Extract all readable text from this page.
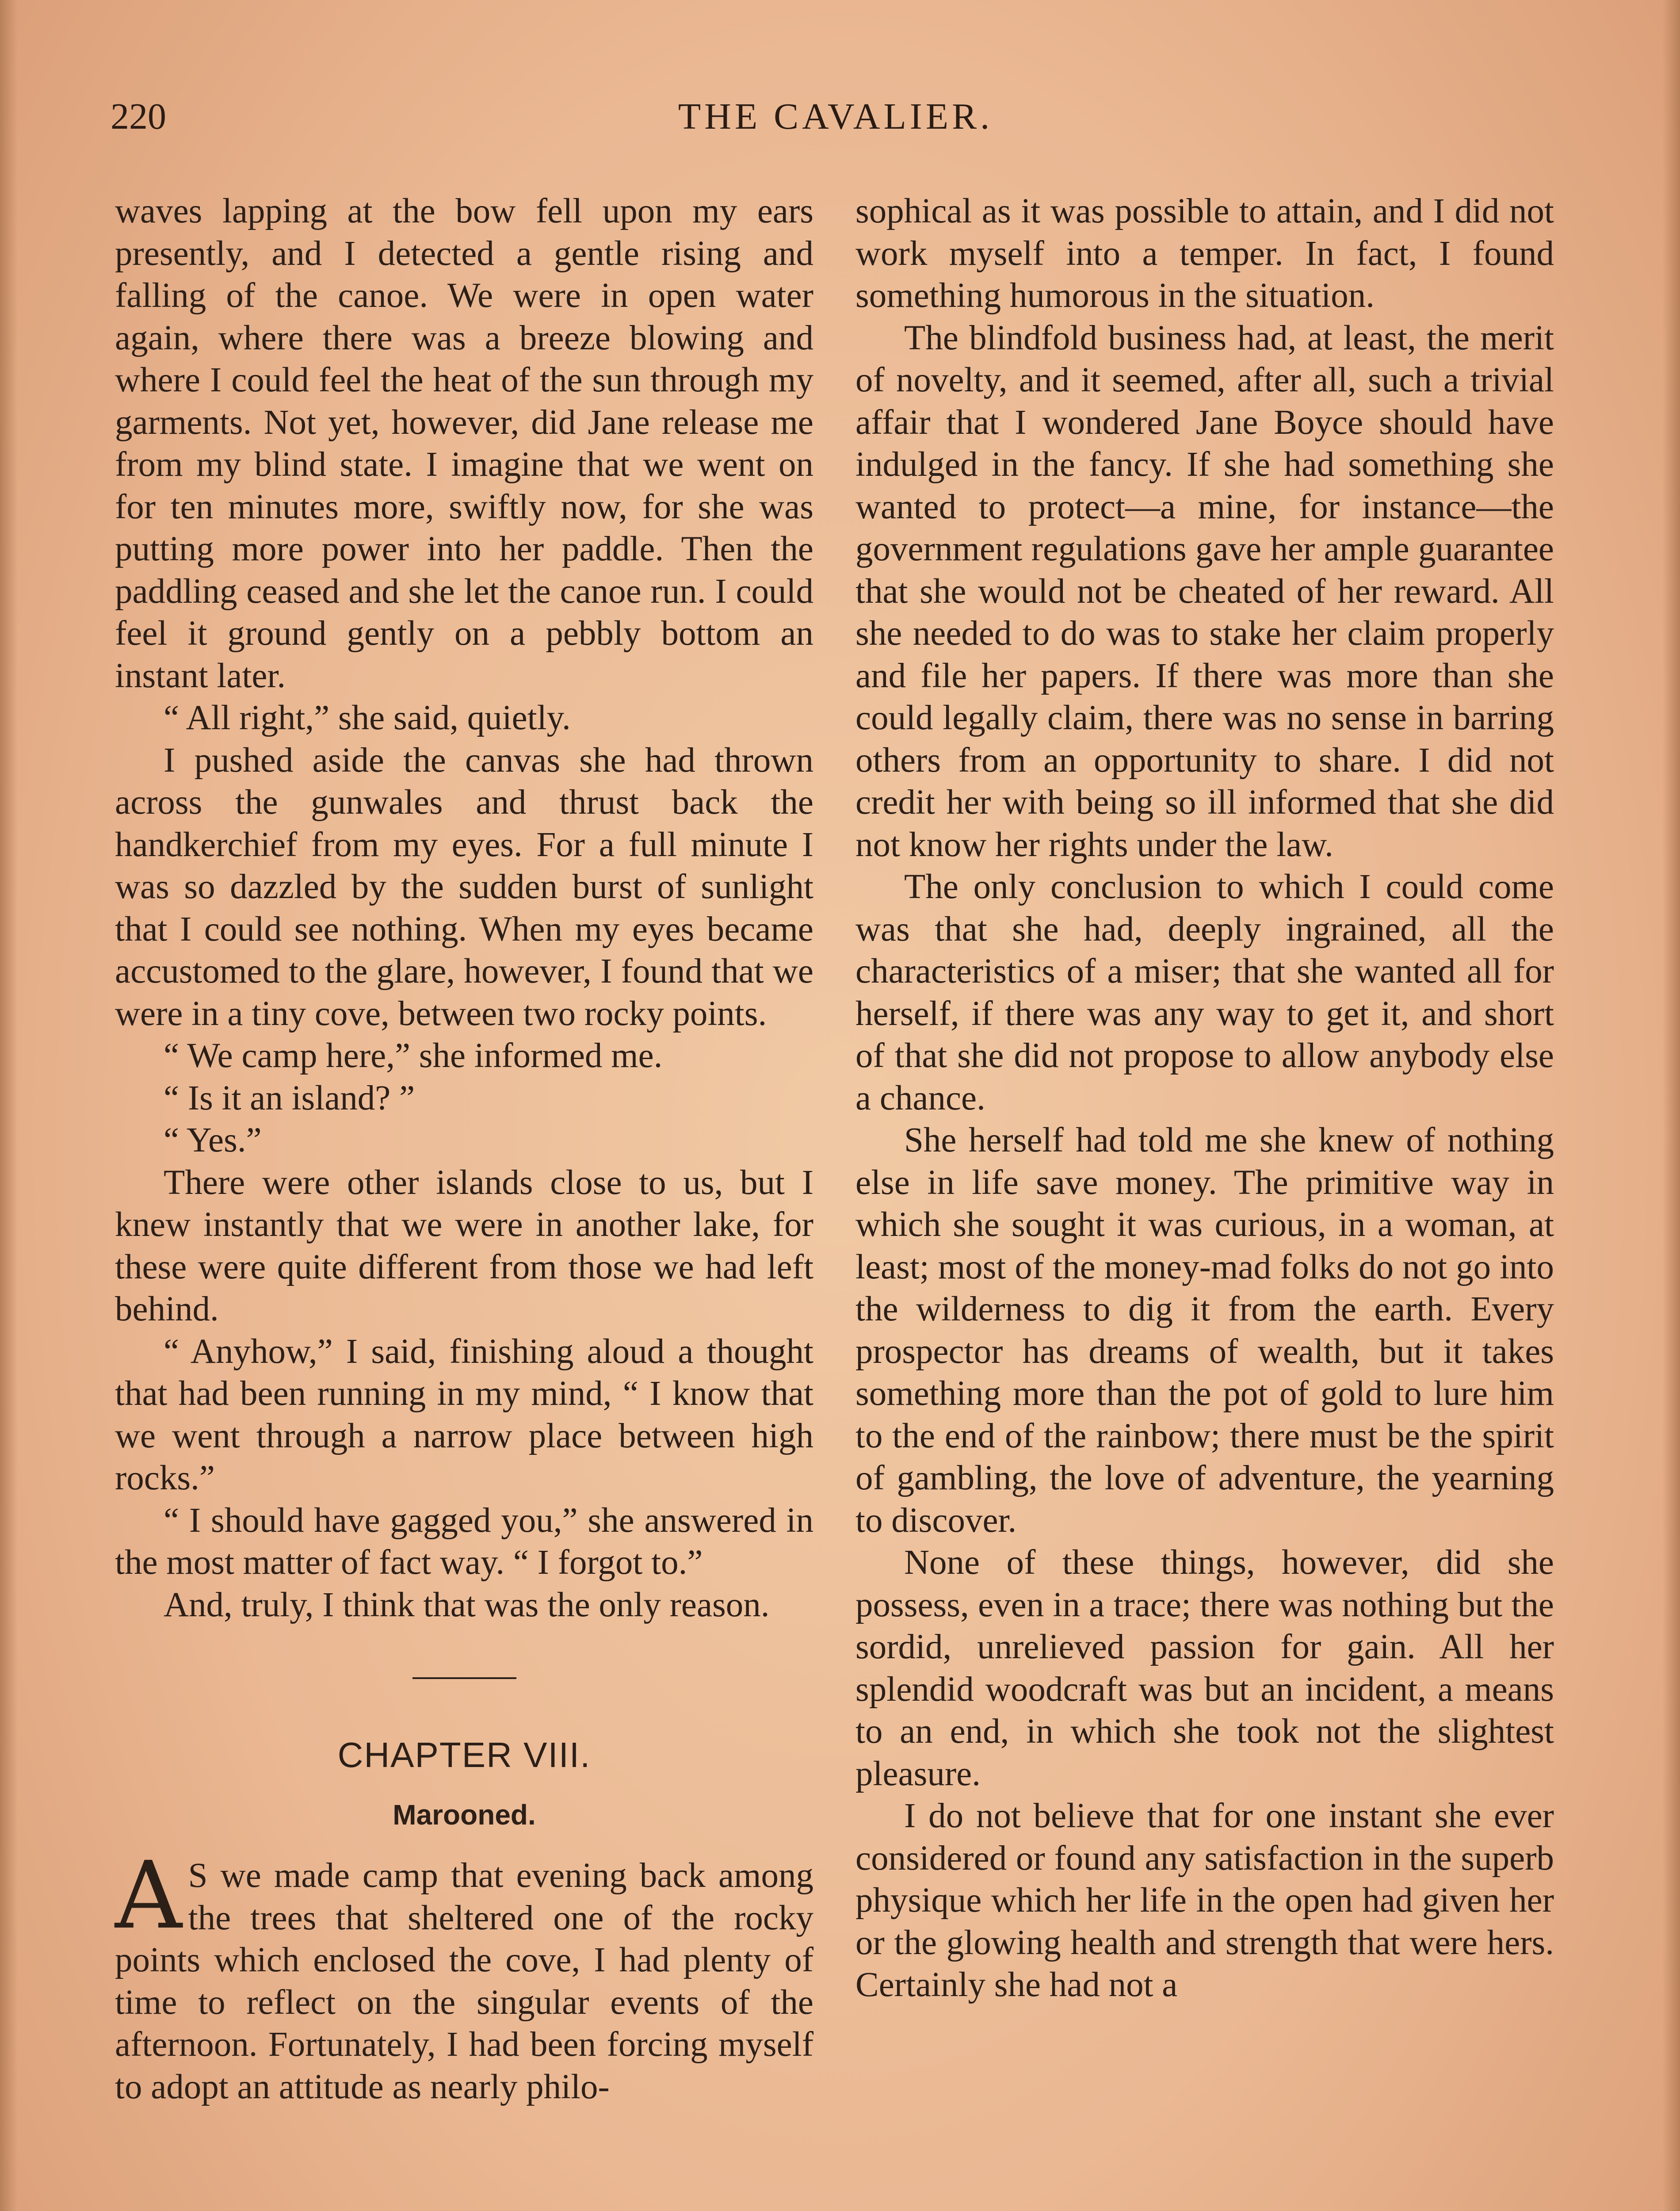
220	THE CAVALIER.

waves lapping at the bow fell upon my ears presently, and I detected a gentle rising and falling of the canoe. We were in open water again, where there was a breeze blowing and where I could feel the heat of the sun through my garments. Not yet, however, did Jane release me from my blind state. I imagine that we went on for ten minutes more, swiftly now, for she was putting more power into her paddle. Then the paddling ceased and she let the canoe run. I could feel it ground gently on a pebbly bottom an instant later.

“ All right,” she said, quietly.

I pushed aside the canvas she had thrown across the gunwales and thrust back the handkerchief from my eyes. For a full minute I was so dazzled by the sudden burst of sunlight that I could see nothing. When my eyes became accustomed to the glare, however, I found that we were in a tiny cove, between two rocky points.

“ We camp here,” she informed me.

“ Is it an island? ”

“ Yes.”

There were other islands close to us, but I knew instantly that we were in another lake, for these were quite different from those we had left behind.

“ Anyhow,” I said, finishing aloud a thought that had been running in my mind, “ I know that we went through a narrow place between high rocks.”

“ I should have gagged you,” she answered in the most matter of fact way. “ I forgot to.”

And, truly, I think that was the only reason.

CHAPTER VIII.
Marooned.

A S we made camp that evening back among the trees that sheltered one of the rocky points which enclosed the cove, I had plenty of time to reflect on the singular events of the afternoon. Fortunately, I had been forcing myself to adopt an attitude as nearly philo-

sophical as it was possible to attain, and I did not work myself into a temper. In fact, I found something humorous in the situation.

The blindfold business had, at least, the merit of novelty, and it seemed, after all, such a trivial affair that I wondered Jane Boyce should have indulged in the fancy. If she had something she wanted to protect—a mine, for instance—the government regulations gave her ample guarantee that she would not be cheated of her reward. All she needed to do was to stake her claim properly and file her papers. If there was more than she could legally claim, there was no sense in barring others from an opportunity to share. I did not credit her with being so ill informed that she did not know her rights under the law.

The only conclusion to which I could come was that she had, deeply ingrained, all the characteristics of a miser; that she wanted all for herself, if there was any way to get it, and short of that she did not propose to allow anybody else a chance.

She herself had told me she knew of nothing else in life save money. The primitive way in which she sought it was curious, in a woman, at least; most of the money-mad folks do not go into the wilderness to dig it from the earth. Every prospector has dreams of wealth, but it takes something more than the pot of gold to lure him to the end of the rainbow; there must be the spirit of gambling, the love of adventure, the yearning to discover.

None of these things, however, did she possess, even in a trace; there was nothing but the sordid, unrelieved passion for gain. All her splendid woodcraft was but an incident, a means to an end, in which she took not the slightest pleasure.

I do not believe that for one instant she ever considered or found any satisfaction in the superb physique which her life in the open had given her or the glowing health and strength that were hers. Certainly she had not a
